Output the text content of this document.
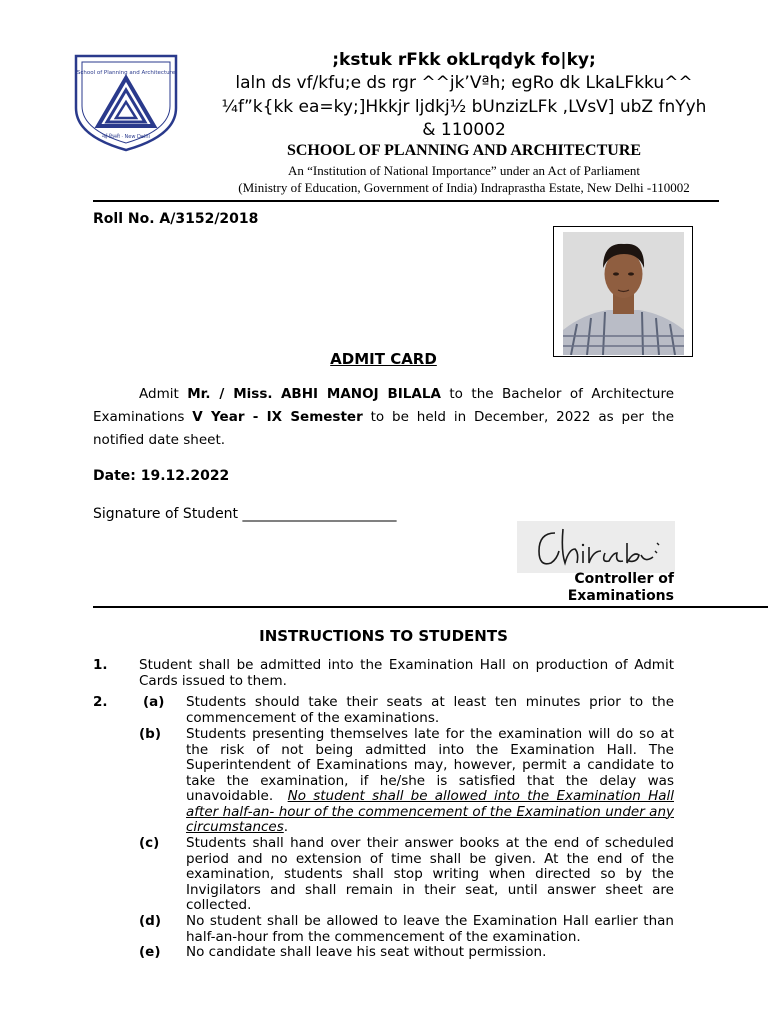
School of Planning and Architecture
नई दिल्ली · New Delhi
;kstuk rFkk okLrqdyk fo|ky;
laln ds vf/kfu;e ds rgr ^^jk’Vªh; egRo dk LkaLFkku^^
¼f”k{kk ea=ky;]Hkkjr ljdkj½ bUnzizLFk ,LVsV] ubZ fnYyh
& 110002
SCHOOL OF PLANNING AND ARCHITECTURE
An “Institution of National Importance” under an Act of Parliament
(Ministry of Education, Government of India) Indraprastha Estate, New Delhi -110002
Roll No. A/3152/2018
ADMIT CARD
Admit Mr. / Miss. ABHI MANOJ BILALA to the Bachelor of Architecture Examinations V Year - IX Semester to be held in December, 2022 as per the notified date sheet.
Date: 19.12.2022
Signature of Student ______________________
Controller of
Examinations
INSTRUCTIONS TO STUDENTS
1. Student shall be admitted into the Examination Hall on production of Admit Cards issued to them.
2.	(a)	Students should take their seats at least ten minutes prior to the commencement of the examinations.
(b)	Students presenting themselves late for the examination will do so at the risk of not being admitted into the Examination Hall. The Superintendent of Examinations may, however, permit a candidate to take the examination, if he/she is satisfied that the delay was unavoidable. No student shall be allowed into the Examination Hall after half-an- hour of the commencement of the Examination under any circumstances.
(c)	Students shall hand over their answer books at the end of scheduled period and no extension of time shall be given. At the end of the examination, students shall stop writing when directed so by the Invigilators and shall remain in their seat, until answer sheet are collected.
(d)	No student shall be allowed to leave the Examination Hall earlier than half-an-hour from the commencement of the examination.
(e)	No candidate shall leave his seat without permission.
